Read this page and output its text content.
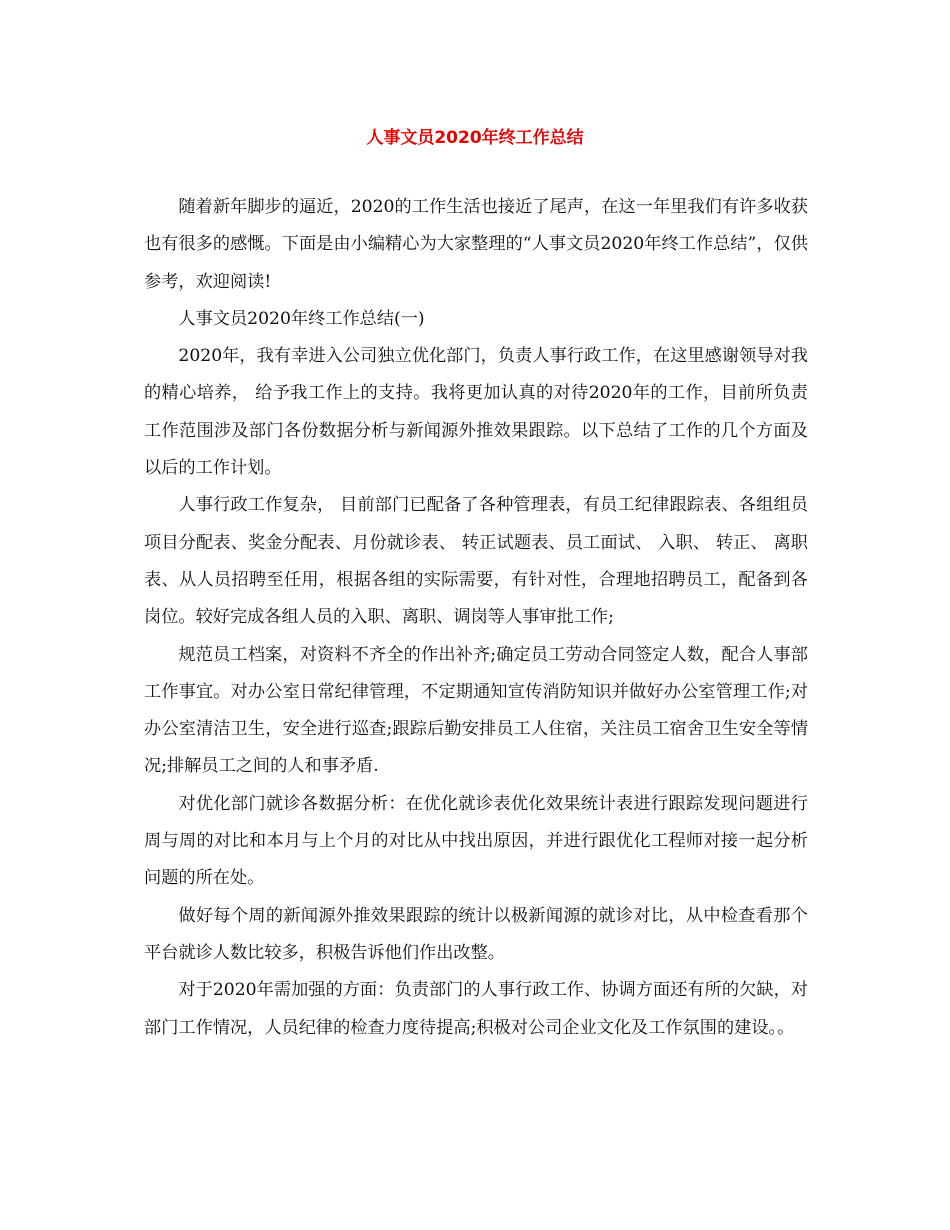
人事文员2020年终工作总结

随着新年脚步的逼近，2020的工作生活也接近了尾声，在这一年里我们有许多收获也有很多的感慨。下面是由小编精心为大家整理的“人事文员2020年终工作总结”，仅供参考，欢迎阅读!

人事文员2020年终工作总结(一)

2020年，我有幸进入公司独立优化部门，负责人事行政工作，在这里感谢领导对我的精心培养， 给予我工作上的支持。我将更加认真的对待2020年的工作，目前所负责工作范围涉及部门各份数据分析与新闻源外推效果跟踪。以下总结了工作的几个方面及以后的工作计划。

人事行政工作复杂， 目前部门已配备了各种管理表，有员工纪律跟踪表、各组组员项目分配表、奖金分配表、月份就诊表、 转正试题表、员工面试、 入职、 转正、 离职表、从人员招聘至任用，根据各组的实际需要，有针对性，合理地招聘员工，配备到各岗位。较好完成各组人员的入职、离职、调岗等人事审批工作;

规范员工档案，对资料不齐全的作出补齐;确定员工劳动合同签定人数，配合人事部工作事宜。对办公室日常纪律管理，不定期通知宣传消防知识并做好办公室管理工作;对办公室清洁卫生，安全进行巡查;跟踪后勤安排员工人住宿，关注员工宿舍卫生安全等情况;排解员工之间的人和事矛盾.

对优化部门就诊各数据分析：在优化就诊表优化效果统计表进行跟踪发现问题进行周与周的对比和本月与上个月的对比从中找出原因，并进行跟优化工程师对接一起分析问题的所在处。

做好每个周的新闻源外推效果跟踪的统计以极新闻源的就诊对比，从中检查看那个平台就诊人数比较多，积极告诉他们作出改整。

对于2020年需加强的方面：负责部门的人事行政工作、协调方面还有所的欠缺，对部门工作情况，人员纪律的检查力度待提高;积极对公司企业文化及工作氛围的建设。。
